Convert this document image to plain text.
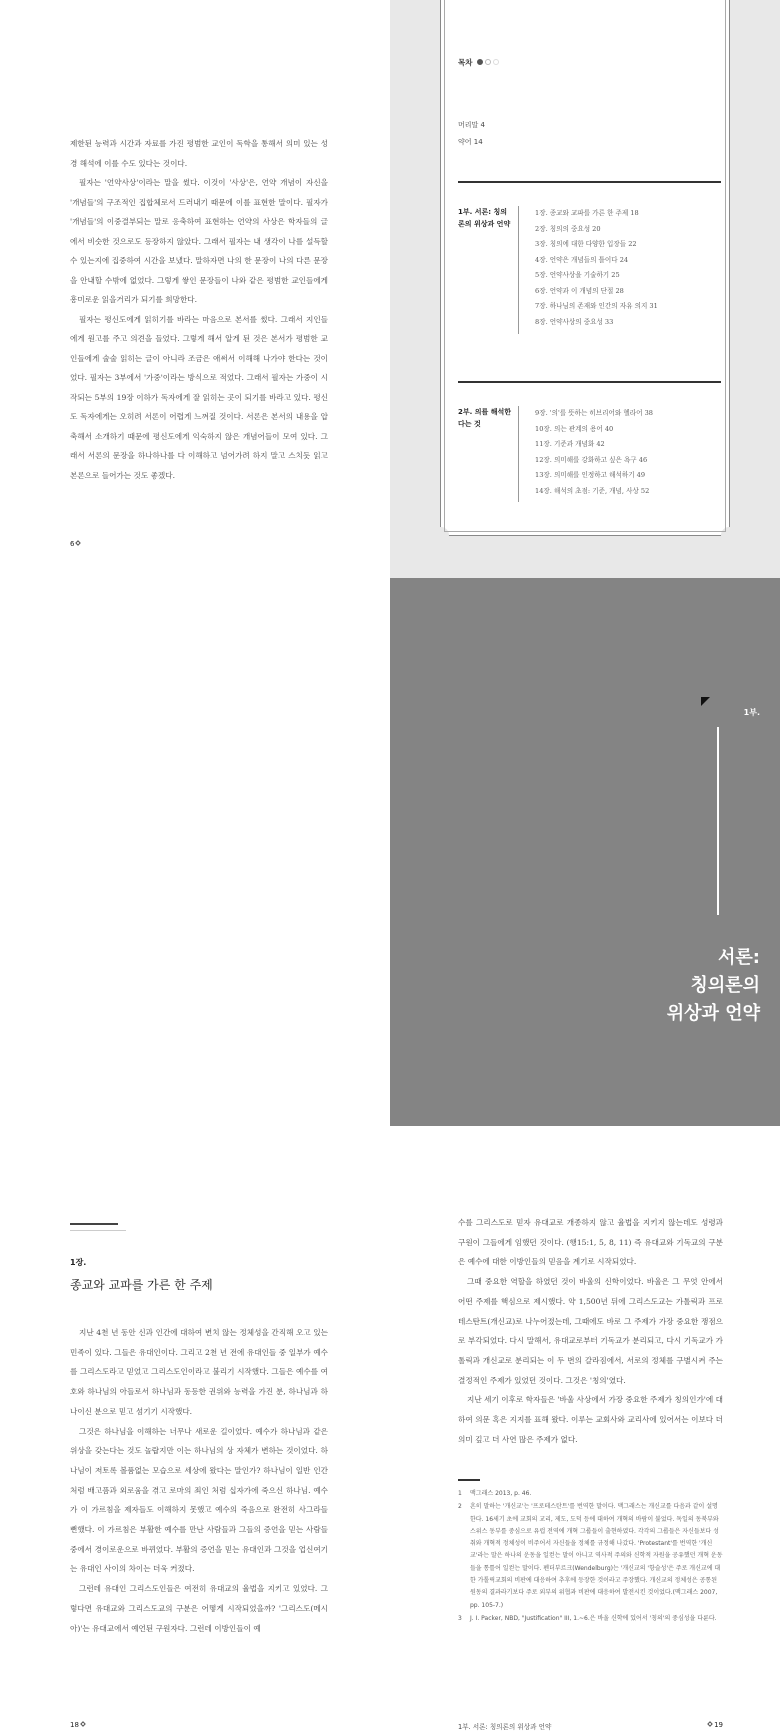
제한된 능력과 시간과 자료를 가진 평범한 교인이 독학을 통해서 의미 있는 성경 해석에 이를 수도 있다는 것이다.

필자는 '언약사상'이라는 말을 썼다. 이것이 '사상'은, 언약 개념이 자신을 '개념들'의 구조적인 집합체로서 드러내기 때문에 이를 표현한 말이다. 필자가 '개념들'의 이중결부되는 말로 응축하여 표현하는 언약의 사상은 학자들의 글에서 비슷한 것으로도 등장하지 않았다. 그래서 필자는 내 생각이 나를 설득할 수 있는지에 집중하여 시간을 보냈다. 말하자면 나의 한 문장이 나의 다른 문장을 안내할 수밖에 없었다. 그렇게 쌓인 문장들이 나와 같은 평범한 교인들에게 흥미로운 읽을거리가 되기를 희망한다.

필자는 평신도에게 읽히기를 바라는 마음으로 본서를 썼다. 그래서 지인들에게 원고를 주고 의견을 들었다. 그렇게 해서 알게 된 것은 본서가 평범한 교인들에게 술술 읽히는 글이 아니라 조금은 애써서 이해해 나가야 한다는 것이었다. 필자는 3부에서 '가중'이라는 방식으로 적었다. 그래서 필자는 가중이 시작되는 5부의 19장 이하가 독자에게 잘 읽히는 곳이 되기를 바라고 있다. 평신도 독자에게는 오히려 서론이 어렵게 느껴질 것이다. 서론은 본서의 내용을 압축해서 소개하기 때문에 평신도에게 익숙하지 않은 개념어들이 모여 있다. 그래서 서론의 문장을 하나하나를 다 이해하고 넘어가려 하지 말고 스치듯 읽고 본론으로 들어가는 것도 좋겠다.

6
목차
머리말 4
약어 14
1부. 서론: 칭의론의 위상과 언약
1장. 종교와 교파를 가른 한 주제 18
2장. 칭의의 중요성 20
3장. 칭의에 대한 다양한 입장들 22
4장. 언약은 개념들의 틀이다 24
5장. 언약사상을 기술하기 25
6장. 언약과 이 개념의 단절 28
7장. 하나님의 존재와 인간의 자유 의지 31
8장. 언약사상의 중요성 33
2부. 의를 해석한다는 것
9장. '의'를 뜻하는 히브리어와 헬라어 38
10장. 의는 관계의 용어 40
11장. 기준과 개념화 42
12장. 의미해를 강화하고 싶은 욕구 46
13장. 의미해를 인정하고 해석하기 49
14장. 해석의 초점: 기준, 개념, 사상 52
1부.
서론:
칭의론의
위상과 언약
1장.
종교와 교파를 가른 한 주제

지난 4천 년 동안 신과 인간에 대하여 변치 않는 정체성을 간직해 오고 있는 민족이 있다. 그들은 유대인이다. 그리고 2천 년 전에 유대인들 중 일부가 예수를 그리스도라고 믿었고 그리스도인이라고 불리기 시작했다. 그들은 예수를 여호와 하나님의 아들로서 하나님과 동등한 권위와 능력을 가진 분, 하나님과 하나이신 분으로 믿고 섬기기 시작했다.

그것은 하나님을 이해하는 너무나 새로운 길이었다. 예수가 하나님과 같은 위상을 갖는다는 것도 놀랍지만 이는 하나님의 상 자체가 변하는 것이었다. 하나님이 저토록 볼품없는 모습으로 세상에 왔다는 말인가? 하나님이 일반 인간처럼 배고픔과 외로움을 겪고 로마의 죄인 처럼 십자가에 죽으신 하나님. 예수가 이 가르침을 제자들도 이해하지 못했고 예수의 죽음으로 완전히 사그라들 뻔했다. 이 가르침은 부활한 예수를 만난 사람들과 그들의 증언을 믿는 사람들 중에서 경이로운으로 바뀌었다. 부활의 증언을 믿는 유대인과 그것을 업신여기는 유대인 사이의 차이는 더욱 커졌다.

그런데 유대인 그리스도인들은 여전히 유대교의 율법을 지키고 있었다. 그렇다면 유대교와 그리스도교의 구분은 어떻게 시작되었을까? '그리스도(메시아)'는 유대교에서 예언된 구원자다. 그런데 이방인들이 예

18

수를 그리스도로 믿자 유대교로 개종하지 않고 율법을 지키지 않는데도 성령과 구원이 그들에게 임했던 것이다. (행15:1, 5, 8, 11) 즉 유대교와 기독교의 구분은 예수에 대한 이방인들의 믿음을 계기로 시작되었다.

그때 중요한 역할을 하였던 것이 바울의 신학이었다. 바울은 그 무엇 안에서 어떤 주제를 핵심으로 제시했다. 약 1,500년 뒤에 그리스도교는 가톨릭과 프로테스탄트(개신교)로 나누어졌는데, 그때에도 바로 그 주제가 가장 중요한 쟁점으로 부각되었다. 다시 말해서, 유대교로부터 기독교가 분리되고, 다시 기독교가 가톨릭과 개신교로 분리되는 이 두 번의 갈라짐에서, 서로의 정체를 구별시켜 주는 결정적인 주제가 있었던 것이다. 그것은 '칭의'였다.

지난 세기 이후로 학자들은 '바울 사상에서 가장 중요한 주제가 칭의인가'에 대하여 의문 혹은 지지를 표해 왔다. 이루는 교회사와 교리사에 있어서는 이보다 더 의미 깊고 더 사연 많은 주제가 없다.

1 맥그래스 2013, p. 46.
2 흔히 말하는 '개신교'는 '프로테스탄트'를 번역한 말이다. 맥그래스는 개신교를 다음과 같이 설명한다. 16세기 초에 교회의 교리, 제도, 도덕 등에 대하여 개혁의 바람이 불었다. 독일의 동북부와 스위스 동부를 중심으로 유럽 전역에 개혁 그룹들이 출현하였다. 각각의 그룹들은 자신들보다 성취와 개혁적 정체성이 비주어서 자신들을 정체를 규정해 나갔다. 'Protestant'를 번역한 '개신교'라는 말은 하나의 운동을 일컫는 말이 아니고 역사적 주의와 신학적 자원을 공유했던 개혁 운동들을 통틀어 일컫는 말이다. 펜더부르크(Wendelburg)는 '개신교의 '항슬성'은 주로 개신교에 대한 가톨릭교회의 비판에 대응하여 추후에 등장한 것이라고 주장했다. 개신교의 정체성은 공통된 원동의 결과라기보다 주로 외부의 위협과 비판에 대응하여 발전시킨 것이었다.(맥그래스 2007, pp. 105-7.)
3 J. I. Packer, NBD, "Justification" III, 1.~6.은 바울 신학에 있어서 '칭의'의 중심성을 다룬다.
1부. 서론: 칭의론의 위상과 언약	19
